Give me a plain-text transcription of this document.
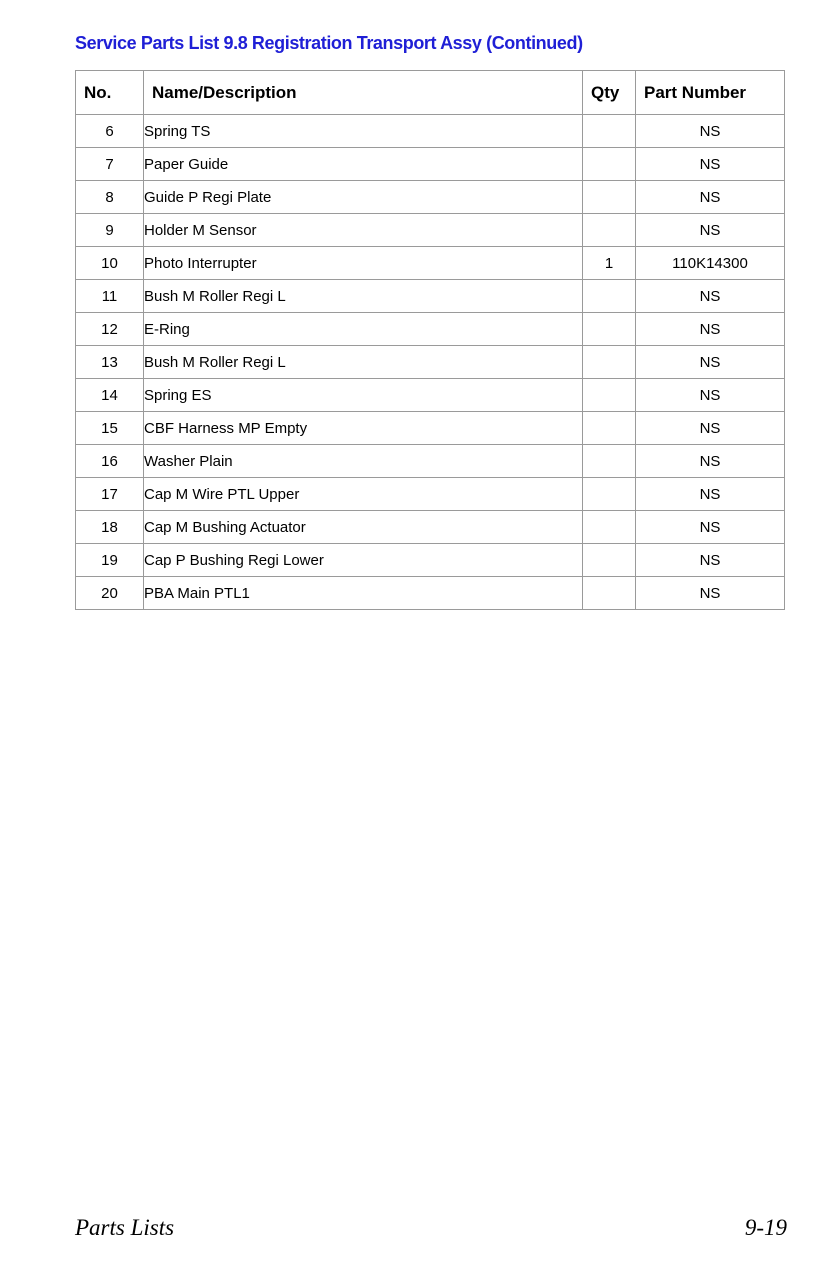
Service Parts List 9.8 Registration Transport Assy (Continued)
No.	Name/Description	Qty	Part Number
6	Spring TS		NS
7	Paper Guide		NS
8	Guide P Regi Plate		NS
9	Holder M Sensor		NS
10	Photo Interrupter	1	110K14300
11	Bush M Roller Regi L		NS
12	E-Ring		NS
13	Bush M Roller Regi L		NS
14	Spring ES		NS
15	CBF Harness MP Empty		NS
16	Washer Plain		NS
17	Cap M Wire PTL Upper		NS
18	Cap M Bushing Actuator		NS
19	Cap P Bushing Regi Lower		NS
20	PBA Main PTL1		NS
Parts Lists	9-19
